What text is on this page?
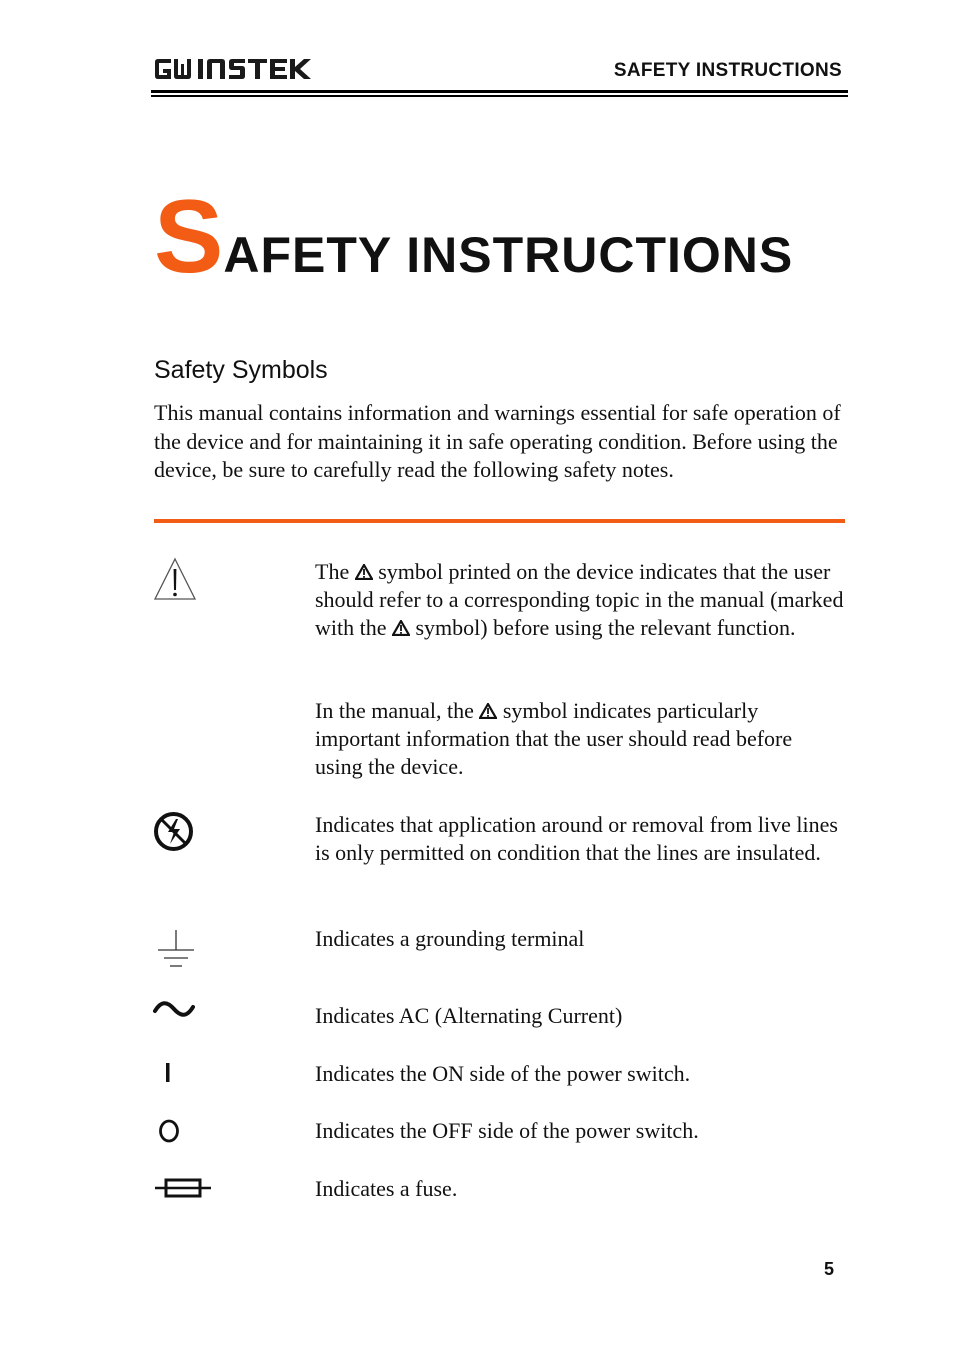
SAFETY INSTRUCTIONS
SAFETY INSTRUCTIONS
Safety Symbols
This manual contains information and warnings essential for safe operation of the device and for maintaining it in safe operating condition. Before using the device, be sure to carefully read the following safety notes.
The symbol printed on the device indicates that the user should refer to a corresponding topic in the manual (marked with the symbol) before using the relevant function.
In the manual, the symbol indicates particularly important information that the user should read before using the device.
Indicates that application around or removal from live lines is only permitted on condition that the lines are insulated.
Indicates a grounding terminal
Indicates AC (Alternating Current)
Indicates the ON side of the power switch.
Indicates the OFF side of the power switch.
Indicates a fuse.
5
